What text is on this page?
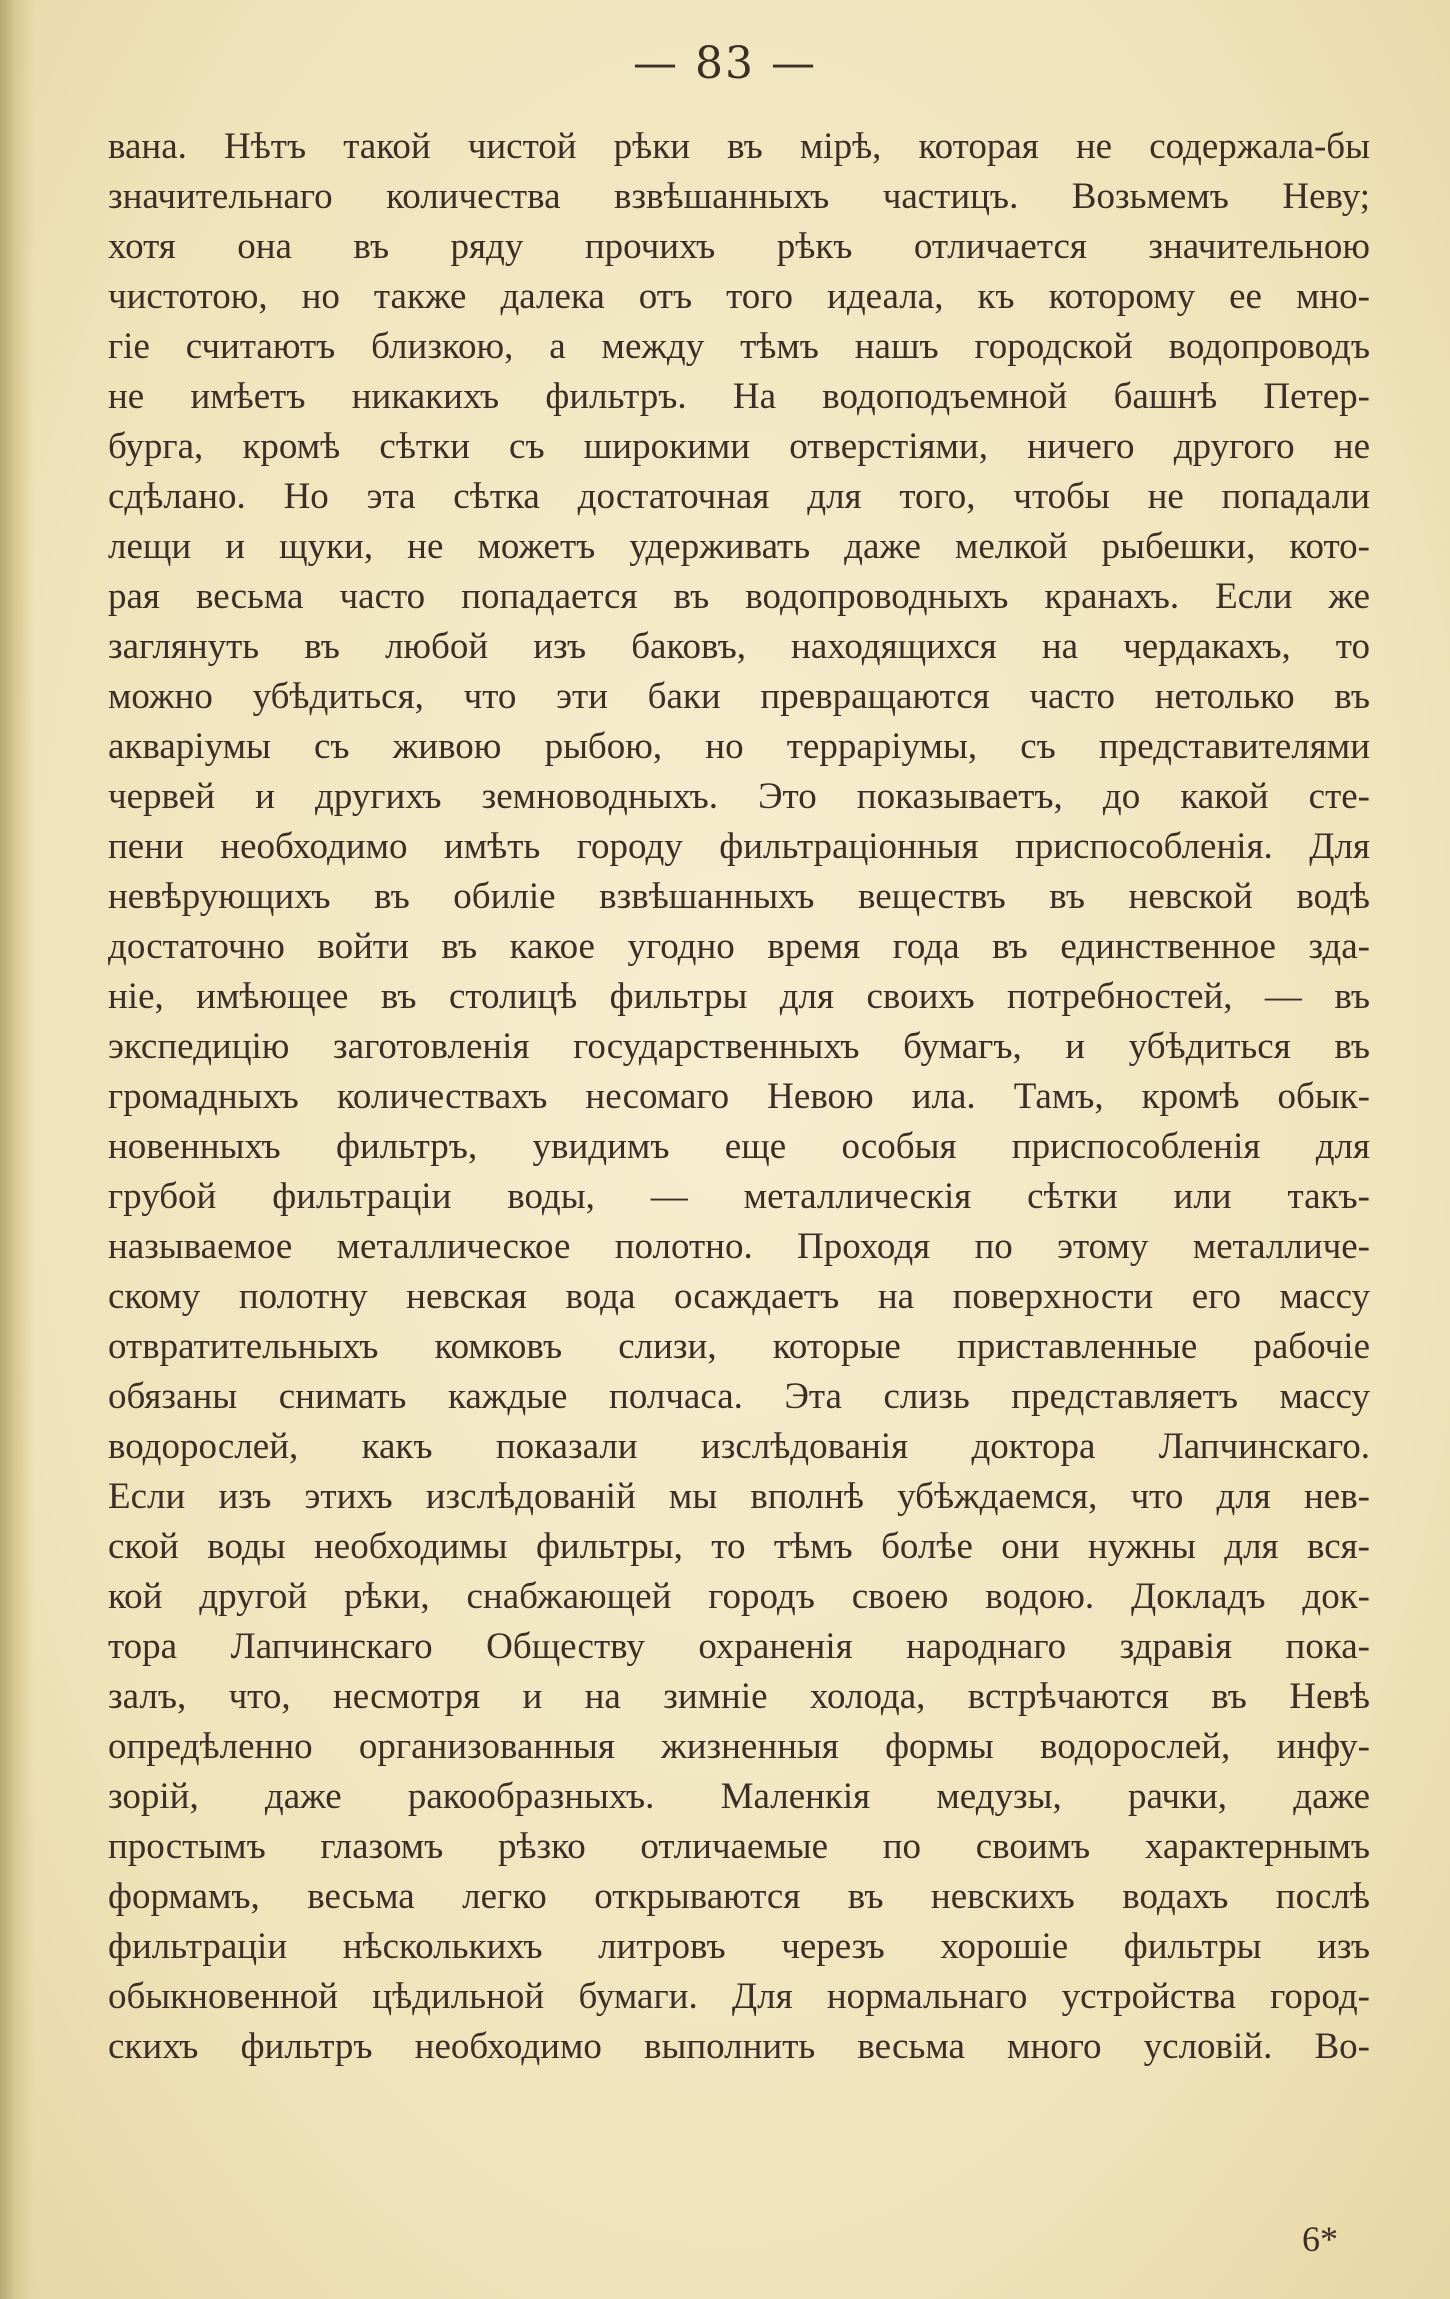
— 83 —
вана. Нѣтъ такой чистой рѣки въ мірѣ, которая не содержала-бы
значительнаго количества взвѣшанныхъ частицъ. Возьмемъ Неву;
хотя она въ ряду прочихъ рѣкъ отличается значительною
чистотою, но также далека отъ того идеала, къ которому ее мно-
гіе считаютъ близкою, а между тѣмъ нашъ городской водопроводъ
не имѣетъ никакихъ фильтръ. На водоподъемной башнѣ Петер-
бурга, кромѣ сѣтки съ широкими отверстіями, ничего другого не
сдѣлано. Но эта сѣтка достаточная для того, чтобы не попадали
лещи и щуки, не можетъ удерживать даже мелкой рыбешки, кото-
рая весьма часто попадается въ водопроводныхъ кранахъ. Если же
заглянуть въ любой изъ баковъ, находящихся на чердакахъ, то
можно убѣдиться, что эти баки превращаются часто нетолько въ
акваріумы съ живою рыбою, но терраріумы, съ представителями
червей и другихъ земноводныхъ. Это показываетъ, до какой сте-
пени необходимо имѣть городу фильтраціонныя приспособленія. Для
невѣрующихъ въ обиліе взвѣшанныхъ веществъ въ невской водѣ
достаточно войти въ какое угодно время года въ единственное зда-
ніе, имѣющее въ столицѣ фильтры для своихъ потребностей, — въ
экспедицію заготовленія государственныхъ бумагъ, и убѣдиться въ
громадныхъ количествахъ несомаго Невою ила. Тамъ, кромѣ обык-
новенныхъ фильтръ, увидимъ еще особыя приспособленія для
грубой фильтраціи воды, — металлическія сѣтки или такъ-
называемое металлическое полотно. Проходя по этому металличе-
скому полотну невская вода осаждаетъ на поверхности его массу
отвратительныхъ комковъ слизи, которые приставленные рабочіе
обязаны снимать каждые полчаса. Эта слизь представляетъ массу
водорослей, какъ показали изслѣдованія доктора Лапчинскаго.
Если изъ этихъ изслѣдованій мы вполнѣ убѣждаемся, что для нев-
ской воды необходимы фильтры, то тѣмъ болѣе они нужны для вся-
кой другой рѣки, снабжающей городъ своею водою. Докладъ док-
тора Лапчинскаго Обществу охраненія народнаго здравія пока-
залъ, что, несмотря и на зимніе холода, встрѣчаются въ Невѣ
опредѣленно организованныя жизненныя формы водорослей, инфу-
зорій, даже ракообразныхъ. Маленкія медузы, рачки, даже
простымъ глазомъ рѣзко отличаемые по своимъ характернымъ
формамъ, весьма легко открываются въ невскихъ водахъ послѣ
фильтраціи нѣсколькихъ литровъ черезъ хорошіе фильтры изъ
обыкновенной цѣдильной бумаги. Для нормальнаго устройства город-
скихъ фильтръ необходимо выполнить весьма много условій. Во-
6*
